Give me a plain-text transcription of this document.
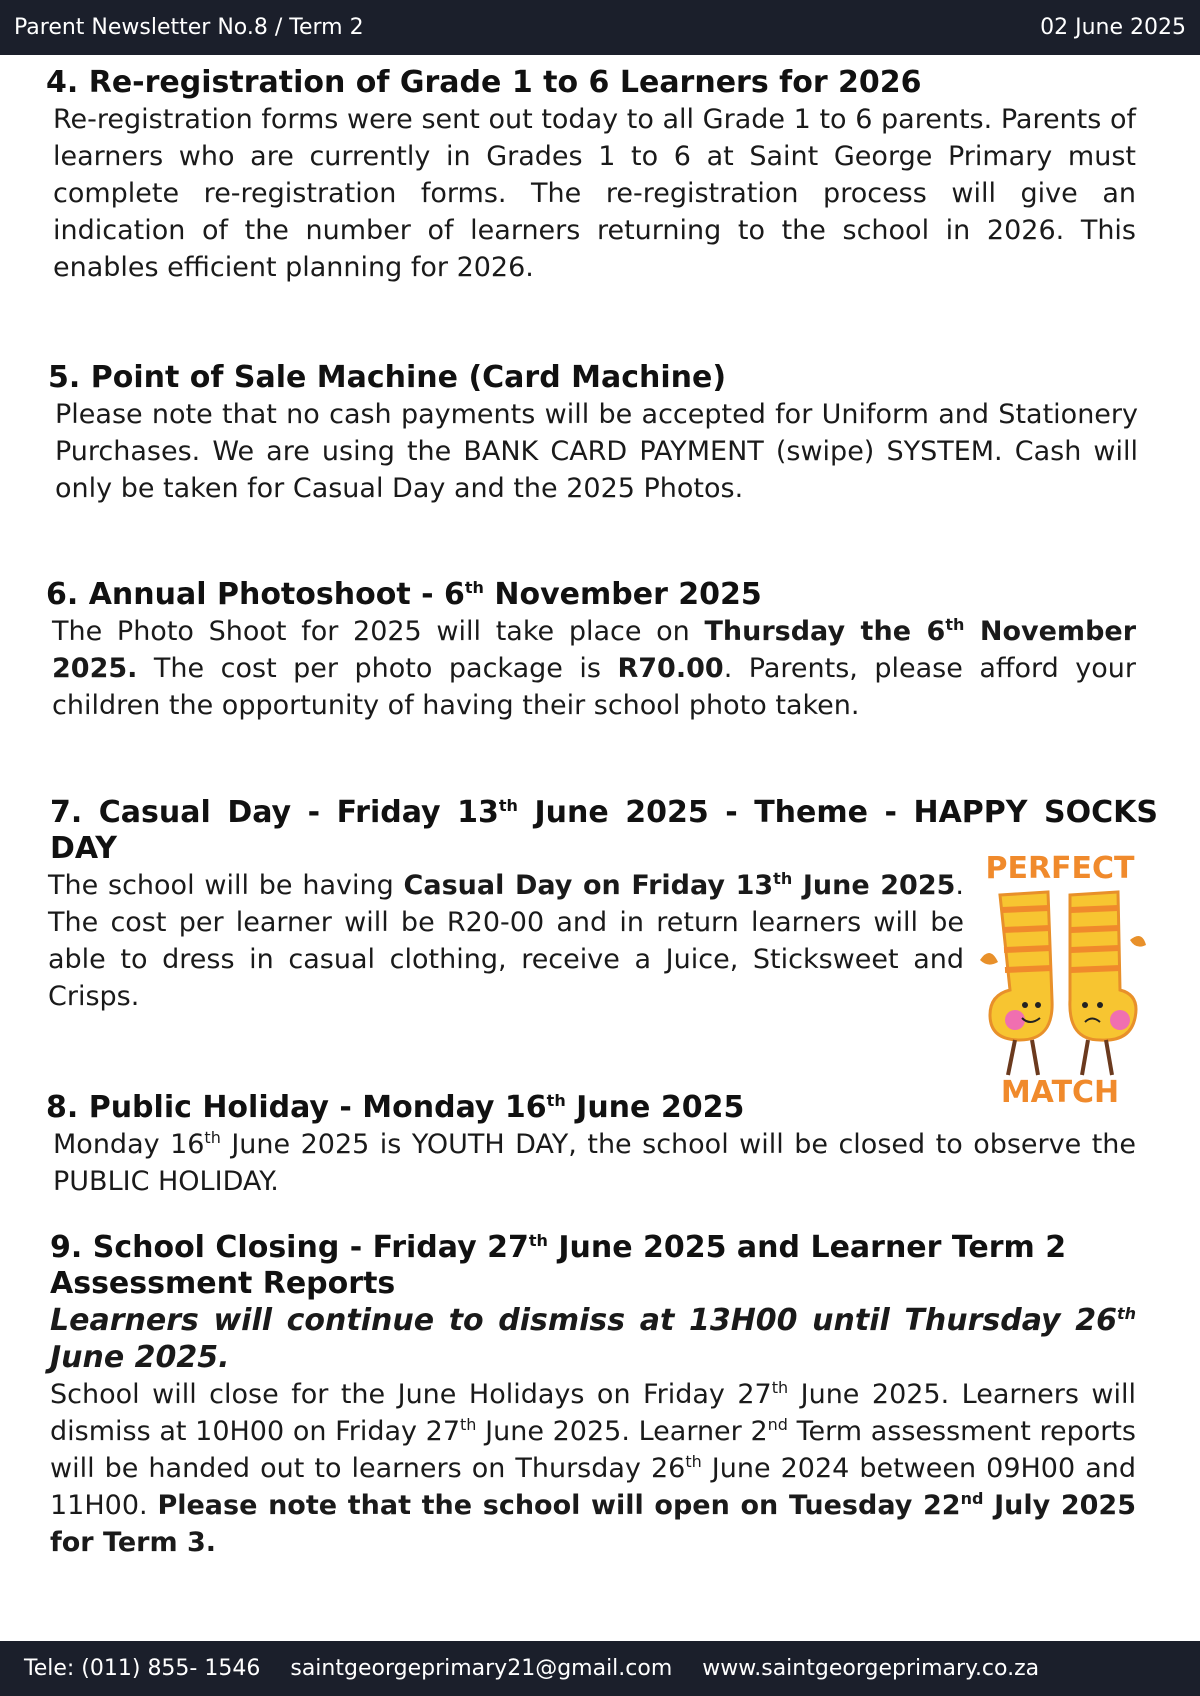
Parent Newsletter No.8 / Term 2	02 June 2025
4. Re-registration of Grade 1 to 6 Learners for 2026

Re-registration forms were sent out today to all Grade 1 to 6 parents. Parents of learners who are currently in Grades 1 to 6 at Saint George Primary must complete re-registration forms. The re-registration process will give an indication of the number of learners returning to the school in 2026. This enables efficient planning for 2026.

5. Point of Sale Machine (Card Machine)

Please note that no cash payments will be accepted for Uniform and Stationery Purchases. We are using the BANK CARD PAYMENT (swipe) SYSTEM. Cash will only be taken for Casual Day and the 2025 Photos.

6. Annual Photoshoot - 6th November 2025

The Photo Shoot for 2025 will take place on Thursday the 6th November 2025. The cost per photo package is R70.00. Parents, please afford your children the opportunity of having their school photo taken.

7. Casual Day - Friday 13th June 2025 - Theme - HAPPY SOCKS DAY

The school will be having Casual Day on Friday 13th June 2025. The cost per learner will be R20-00 and in return learners will be able to dress in casual clothing, receive a Juice, Sticksweet and Crisps.

PERFECT
MATCH
8. Public Holiday - Monday 16th June 2025

Monday 16th June 2025 is YOUTH DAY, the school will be closed to observe the PUBLIC HOLIDAY.

9. School Closing - Friday 27th June 2025 and Learner Term 2 Assessment Reports

Learners will continue to dismiss at 13H00 until Thursday 26th June 2025.

School will close for the June Holidays on Friday 27th June 2025. Learners will dismiss at 10H00 on Friday 27th June 2025. Learner 2nd Term assessment reports will be handed out to learners on Thursday 26th June 2024 between 09H00 and 11H00. Please note that the school will open on Tuesday 22nd July 2025 for Term 3.

Tele: (011) 855- 1546 saintgeorgeprimary21@gmail.com www.saintgeorgeprimary.co.za
